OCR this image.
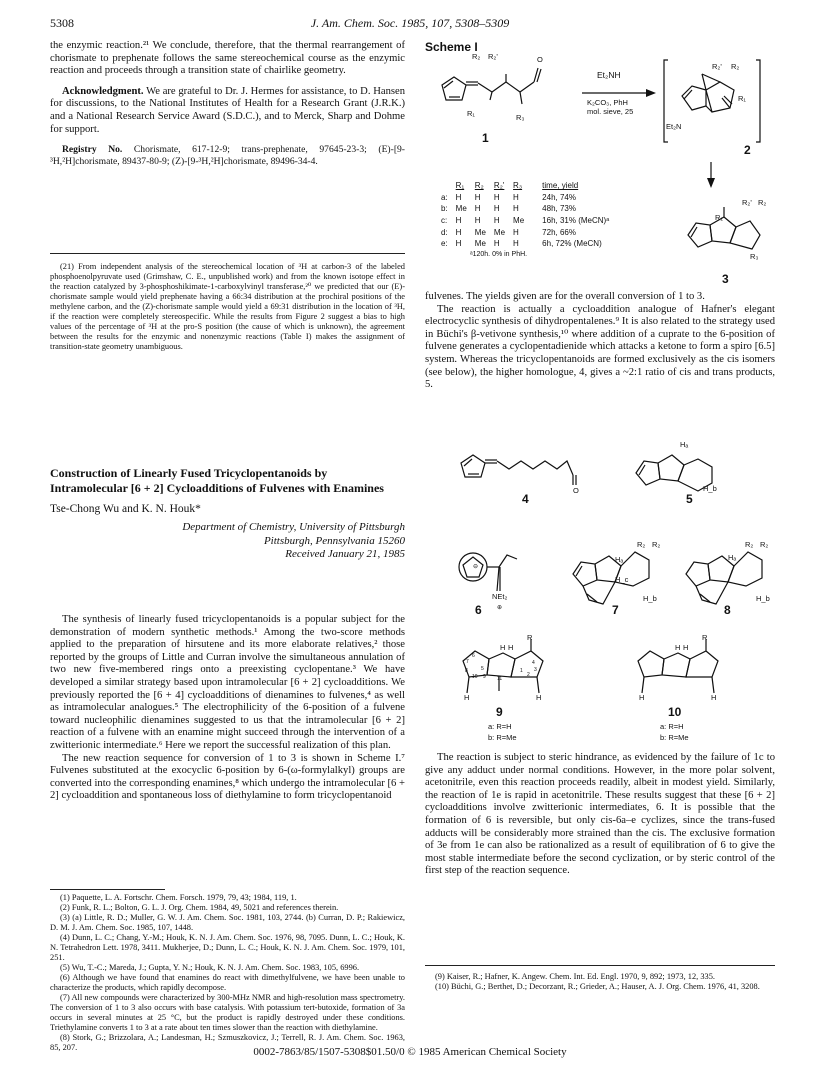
5308	J. Am. Chem. Soc. 1985, 107, 5308–5309

the enzymic reaction.²¹ We conclude, therefore, that the thermal rearrangement of chorismate to prephenate follows the same stereochemical course as the enzymic reaction and proceeds through a transition state of chairlike geometry.

Acknowledgment. We are grateful to Dr. J. Hermes for assistance, to D. Hansen for discussions, to the National Institutes of Health for a Research Grant (J.R.K.) and a National Research Service Award (S.D.C.), and to Merck, Sharp and Dohme for support.

Registry No. Chorismate, 617-12-9; trans-prephenate, 97645-23-3; (E)-[9-³H,²H]chorismate, 89437-80-9; (Z)-[9-³H,²H]chorismate, 89496-34-4.

(21) From independent analysis of the stereochemical location of ³H at carbon-3 of the labeled phosphoenolpyruvate used (Grimshaw, C. E., unpublished work) and from the known isotope effect in the reaction catalyzed by 3-phosphoshikimate-1-carboxylvinyl transferase,²⁰ we predicted that our (E)-chorismate sample would yield prephenate having a 66:34 distribution at the prochiral positions of the methylene carbon, and the (Z)-chorismate sample would yield a 69:31 distribution in the location of ³H, if the reaction were completely stereospecific. While the results from Figure 2 suggest a bias to high values of the percentage of ³H at the pro-S position (the cause of which is unknown), the agreement between the results for the enzymic and nonenzymic reactions (Table I) makes the assignment of transition-state geometry unambiguous.

Construction of Linearly Fused Tricyclopentanoids by Intramolecular [6 + 2] Cycloadditions of Fulvenes with Enamines
Tse-Chong Wu and K. N. Houk*
Department of Chemistry, University of Pittsburgh
Pittsburgh, Pennsylvania 15260
Received January 21, 1985

The synthesis of linearly fused tricyclopentanoids is a popular subject for the demonstration of modern synthetic methods.¹ Among the two-score methods applied to the preparation of hirsutene and its more elaborate relatives,² those reported by the groups of Little and Curran involve the simultaneous annulation of two new five-membered rings onto a preexisting cyclopentane.³ We have developed a similar strategy based upon intramolecular [6 + 2] cycloadditions. We previously reported the [6 + 4] cycloadditions of dienamines to fulvenes,⁴ as well as intramolecular analogues.⁵ The electrophilicity of the 6-position of a fulvene toward nucleophilic dienamines suggested to us that the intramolecular [6 + 2] reaction of a fulvene with an enamine might succeed through the intervention of a zwitterionic intermediate.⁶ Here we report the successful realization of this plan.

The new reaction sequence for conversion of 1 to 3 is shown in Scheme I.⁷ Fulvenes substituted at the exocyclic 6-position by 6-(ω-formylalkyl) groups are converted into the corresponding enamines,⁸ which undergo the intramolecular [6 + 2] cycloaddition and spontaneous loss of diethylamine to form tricyclopentanoid

(1) Paquette, L. A. Fortschr. Chem. Forsch. 1979, 79, 43; 1984, 119, 1.

(2) Funk, R. L.; Bolton, G. L. J. Org. Chem. 1984, 49, 5021 and references therein.

(3) (a) Little, R. D.; Muller, G. W. J. Am. Chem. Soc. 1981, 103, 2744. (b) Curran, D. P.; Rakiewicz, D. M. J. Am. Chem. Soc. 1985, 107, 1448.

(4) Dunn, L. C.; Chang, Y.-M.; Houk, K. N. J. Am. Chem. Soc. 1976, 98, 7095. Dunn, L. C.; Houk, K. N. Tetrahedron Lett. 1978, 3411. Mukherjee, D.; Dunn, L. C.; Houk, K. N. J. Am. Chem. Soc. 1979, 101, 251.

(5) Wu, T.-C.; Mareda, J.; Gupta, Y. N.; Houk, K. N. J. Am. Chem. Soc. 1983, 105, 6996.

(6) Although we have found that enamines do react with dimethylfulvene, we have been unable to characterize the products, which rapidly decompose.

(7) All new compounds were characterized by 300-MHz NMR and high-resolution mass spectrometry. The conversion of 1 to 3 also occurs with base catalysis. With potassium tert-butoxide, formation of 3a occurs in several minutes at 25 °C, but the product is rapidly destroyed under these conditions. Triethylamine converts 1 to 3 at a rate about ten times slower than the reaction with diethylamine.

(8) Stork, G.; Brizzolara, A.; Landesman, H.; Szmuszkovicz, J.; Terrell, R. J. Am. Chem. Soc. 1963, 85, 207.

Scheme I
R₂ R₂'	O
R₁	R₃
1
Et₂NH
K₂CO₃, PhH
mol. sieve, 25
R₂' R₂
R₁
Et₂N
2
	R₁	R₂	R₂'	R₃	time, yield
a:	H	H	H	H	24h, 74%
b:	Me	H	H	H	48h, 73%
c:	H	H	H	Me	16h, 31% (MeCN)ᵃ
d:	H	Me	Me	H	72h, 66%
e:	H	Me	H	H	6h, 72% (MeCN)
ᵃ120h. 0% in PhH.
R₂' R₂
R₁
R₃
3

fulvenes. The yields given are for the overall conversion of 1 to 3.

The reaction is actually a cycloaddition analogue of Hafner's elegant electrocyclic synthesis of dihydropentalenes.⁹ It is also related to the strategy used in Büchi's β-vetivone synthesis,¹⁰ where addition of a cuprate to the 6-position of fulvene generates a cyclopentadienide which attacks a ketone to form a spiro [6.5] system. Whereas the tricyclopentanoids are formed exclusively as the cis isomers (see below), the higher homologue, 4, gives a ~2:1 ratio of cis and trans products, 5.

O
4
Hₐ
H_b
5
⊖
NEt₂
⊕
6
R₂ R₂
Hₐ
H_c
H_b
7
R₂ R₂
Hₐ
H_b
8
R
H H
H	H
7
6
8
10
5
9 11
1
2
3
4
9
a: R=H
b: R=Me
R
H H
H	H
10
a: R=H
b: R=Me

The reaction is subject to steric hindrance, as evidenced by the failure of 1c to give any adduct under normal conditions. However, in the more polar solvent, acetonitrile, even this reaction proceeds readily, albeit in modest yield. Similarly, the reaction of 1e is rapid in acetonitrile. These results suggest that these [6 + 2] cycloadditions involve zwitterionic intermediates, 6. It is possible that the formation of 6 is reversible, but only cis-6a–e cyclizes, since the trans-fused adducts will be considerably more strained than the cis. The exclusive formation of 3e from 1e can also be rationalized as a result of equilibration of 6 to give the most stable intermediate before the second cyclization, or by steric control of the first step of the reaction sequence.

(9) Kaiser, R.; Hafner, K. Angew. Chem. Int. Ed. Engl. 1970, 9, 892; 1973, 12, 335.

(10) Büchi, G.; Berthet, D.; Decorzant, R.; Grieder, A.; Hauser, A. J. Org. Chem. 1976, 41, 3208.

0002-7863/85/1507-5308$01.50/0 © 1985 American Chemical Society
